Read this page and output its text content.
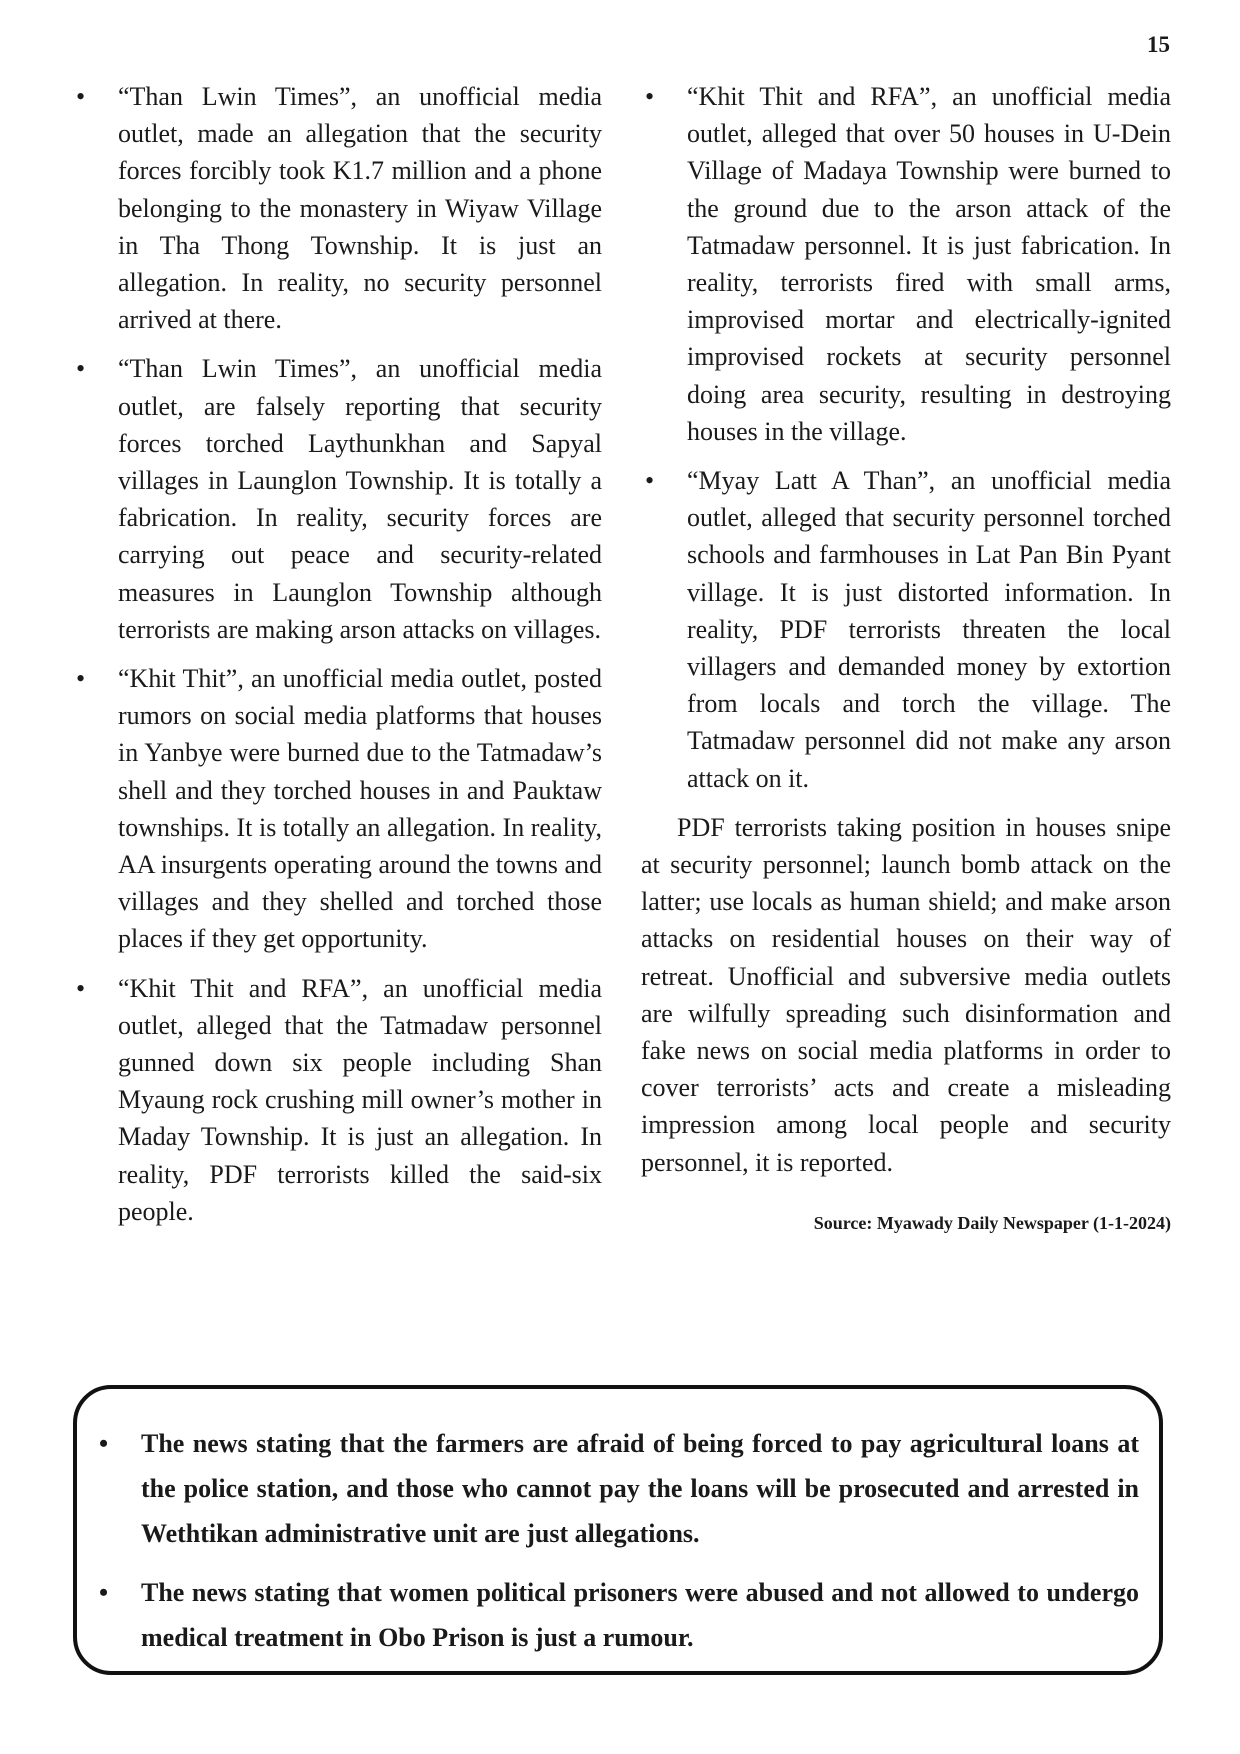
15
• “Than Lwin Times”, an unofficial media outlet, made an allegation that the security forces forcibly took K1.7 million and a phone belonging to the monastery in Wiyaw Village in Tha Thong Township. It is just an allegation. In reality, no security personnel arrived at there.
• “Than Lwin Times”, an unofficial media outlet, are falsely reporting that security forces torched Laythunkhan and Sapyal villages in Launglon Township. It is totally a fabrication. In reality, security forces are carrying out peace and security-related measures in Launglon Township although terrorists are making arson attacks on villages.
• “Khit Thit”, an unofficial media outlet, posted rumors on social media platforms that houses in Yanbye were burned due to the Tatmadaw’s shell and they torched houses in and Pauktaw townships. It is totally an allegation. In reality, AA insurgents operating around the towns and villages and they shelled and torched those places if they get opportunity.
• “Khit Thit and RFA”, an unofficial media outlet, alleged that the Tatmadaw personnel gunned down six people including Shan Myaung rock crushing mill owner’s mother in Maday Township. It is just an allegation. In reality, PDF terrorists killed the said-six people.
• “Khit Thit and RFA”, an unofficial media outlet, alleged that over 50 houses in U-Dein Village of Madaya Township were burned to the ground due to the arson attack of the Tatmadaw personnel. It is just fabrication. In reality, terrorists fired with small arms, improvised mortar and electrically-ignited improvised rockets at security personnel doing area security, resulting in destroying houses in the village.
• “Myay Latt A Than”, an unofficial media outlet, alleged that security personnel torched schools and farmhouses in Lat Pan Bin Pyant village. It is just distorted information. In reality, PDF terrorists threaten the local villagers and demanded money by extortion from locals and torch the village. The Tatmadaw personnel did not make any arson attack on it.

PDF terrorists taking position in houses snipe at security personnel; launch bomb attack on the latter; use locals as human shield; and make arson attacks on residential houses on their way of retreat. Unofficial and subversive media outlets are wilfully spreading such disinformation and fake news on social media platforms in order to cover terrorists’ acts and create a misleading impression among local people and security personnel, it is reported.

Source: Myawady Daily Newspaper (1-1-2024)
• The news stating that the farmers are afraid of being forced to pay agricultural loans at the police station, and those who cannot pay the loans will be prosecuted and arrested in Wethtikan administrative unit are just allegations.
• The news stating that women political prisoners were abused and not allowed to undergo medical treatment in Obo Prison is just a rumour.
